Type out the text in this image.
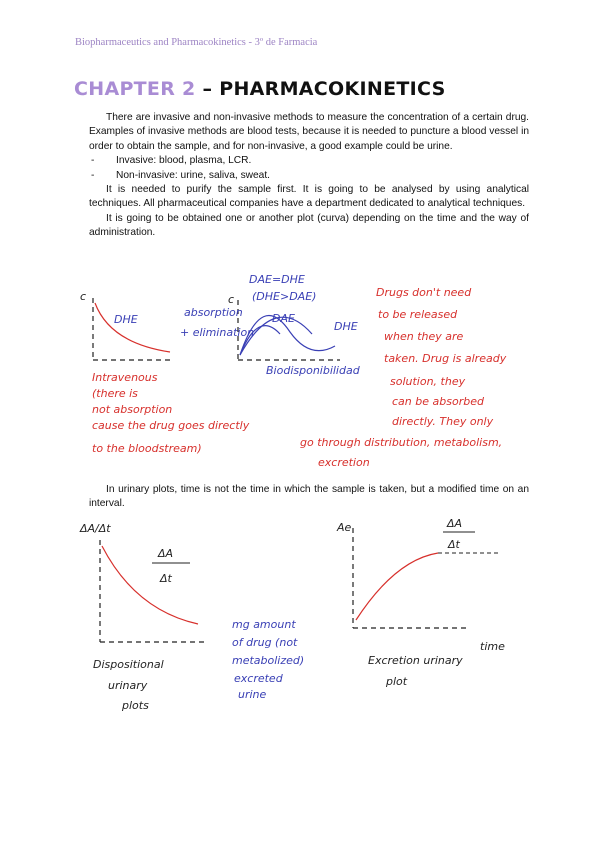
Biopharmaceutics and Pharmacokinetics - 3º de Farmacia
CHAPTER 2 – PHARMACOKINETICS

There are invasive and non-invasive methods to measure the concentration of a certain drug. Examples of invasive methods are blood tests, because it is needed to puncture a blood vessel in order to obtain the sample, and for non-invasive, a good example could be urine.

- Invasive: blood, plasma, LCR.
- Non-invasive: urine, saliva, sweat.

It is needed to purify the sample first. It is going to be analysed by using analytical techniques. All pharmaceutical companies have a department dedicated to analytical techniques.

It is going to be obtained one or another plot (curva) depending on the time and the way of administration.

c
DHE
Intravenous
(there is
not absorption
cause the drug goes directly
to the bloodstream)
c
absorption
+ elimination
DAE=DHE
(DHE>DAE)
DAE
DHE
Biodisponibilidad
Drugs don't need
to be released
when they are
taken. Drug is already
solution, they
can be absorbed
directly. They only
go through distribution, metabolism,
excretion

In urinary plots, time is not the time in which the sample is taken, but a modified time on an interval.

ΔA/Δt
ΔA
Δt
Dispositional
urinary
plots
mg amount
of drug (not
metabolized)
excreted
urine
Ae	ΔA
Δt
time
Excretion urinary
plot
